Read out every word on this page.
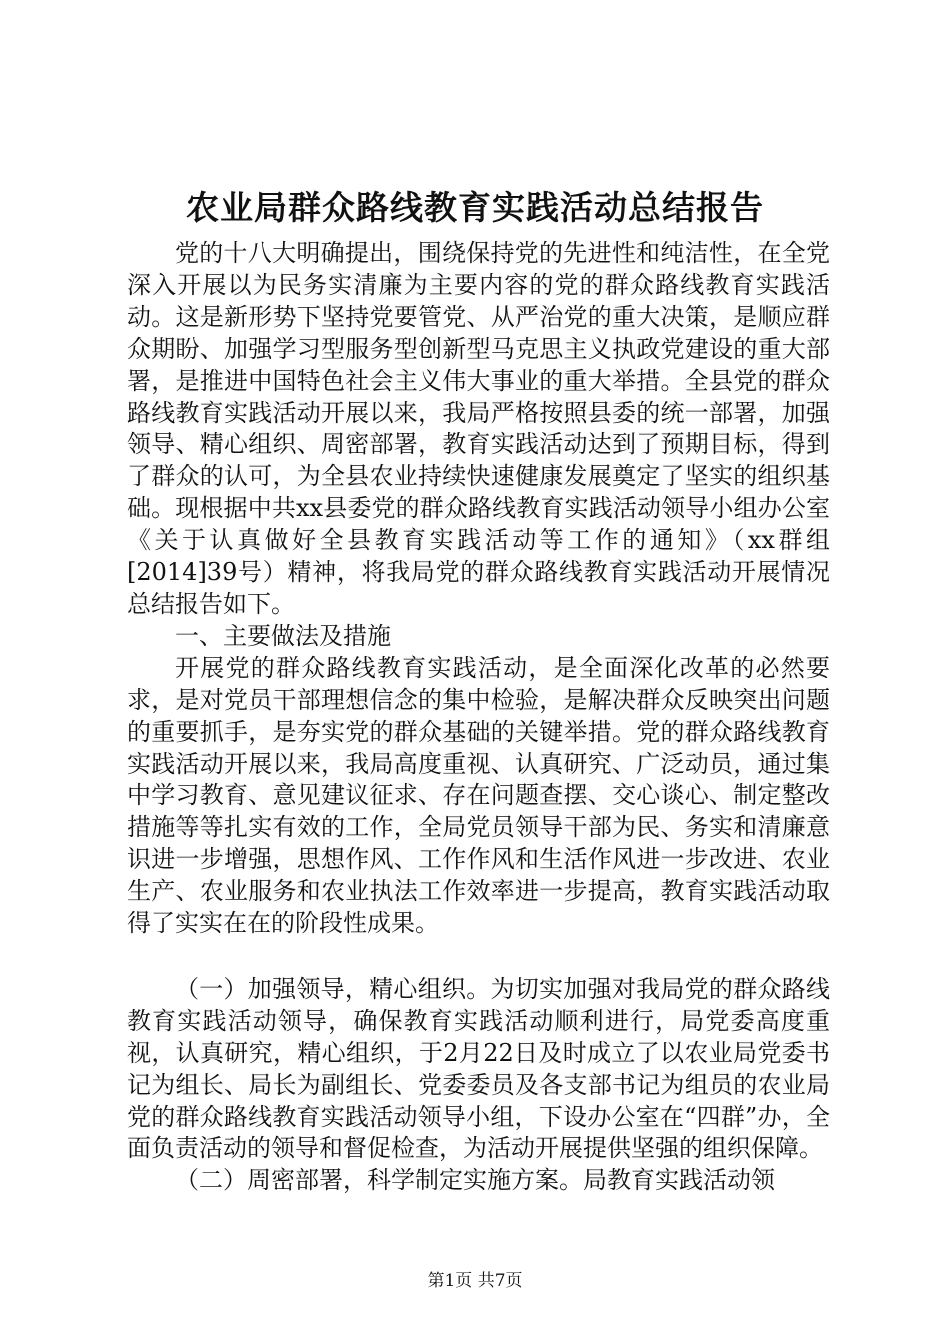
农业局群众路线教育实践活动总结报告

党的十八大明确提出，围绕保持党的先进性和纯洁性，在全党深入开展以为民务实清廉为主要内容的党的群众路线教育实践活动。这是新形势下坚持党要管党、从严治党的重大决策，是顺应群众期盼、加强学习型服务型创新型马克思主义执政党建设的重大部署，是推进中国特色社会主义伟大事业的重大举措。全县党的群众路线教育实践活动开展以来，我局严格按照县委的统一部署，加强领导、精心组织、周密部署，教育实践活动达到了预期目标，得到了群众的认可，为全县农业持续快速健康发展奠定了坚实的组织基础。现根据中共xx县委党的群众路线教育实践活动领导小组办公室《关于认真做好全县教育实践活动等工作的通知》（xx群组[2014]39号）精神，将我局党的群众路线教育实践活动开展情况总结报告如下。

一、主要做法及措施

开展党的群众路线教育实践活动，是全面深化改革的必然要求，是对党员干部理想信念的集中检验，是解决群众反映突出问题的重要抓手，是夯实党的群众基础的关键举措。党的群众路线教育实践活动开展以来，我局高度重视、认真研究、广泛动员，通过集中学习教育、意见建议征求、存在问题查摆、交心谈心、制定整改措施等等扎实有效的工作，全局党员领导干部为民、务实和清廉意识进一步增强，思想作风、工作作风和生活作风进一步改进、农业生产、农业服务和农业执法工作效率进一步提高，教育实践活动取得了实实在在的阶段性成果。

（一）加强领导，精心组织。为切实加强对我局党的群众路线教育实践活动领导，确保教育实践活动顺利进行，局党委高度重视，认真研究，精心组织，于2月22日及时成立了以农业局党委书记为组长、局长为副组长、党委委员及各支部书记为组员的农业局党的群众路线教育实践活动领导小组，下设办公室在“四群”办，全面负责活动的领导和督促检查，为活动开展提供坚强的组织保障。

（二）周密部署，科学制定实施方案。局教育实践活动领

第1页 共7页
